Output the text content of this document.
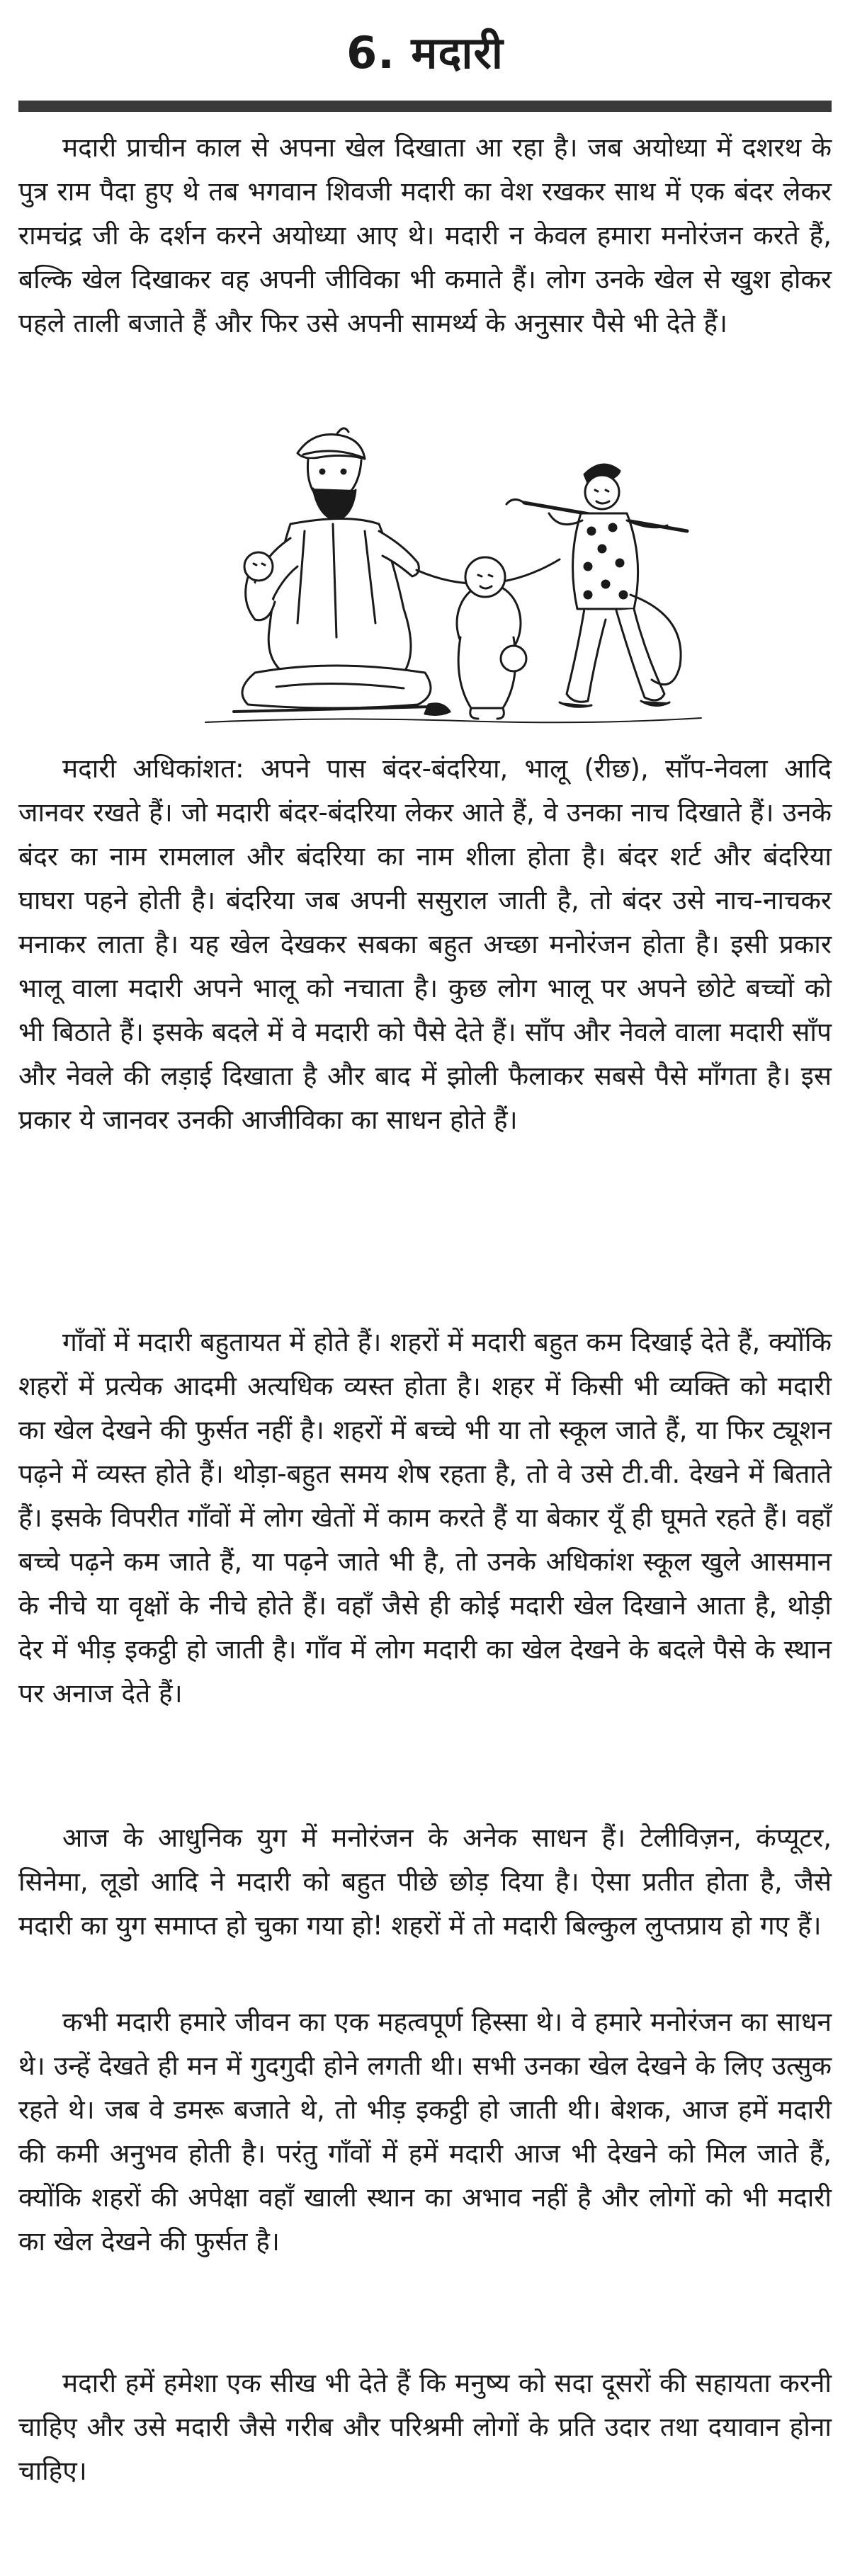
6. मदारी

मदारी प्राचीन काल से अपना खेल दिखाता आ रहा है। जब अयोध्या में दशरथ के पुत्र राम पैदा हुए थे तब भगवान शिवजी मदारी का वेश रखकर साथ में एक बंदर लेकर रामचंद्र जी के दर्शन करने अयोध्या आए थे। मदारी न केवल हमारा मनोरंजन करते हैं, बल्कि खेल दिखाकर वह अपनी जीविका भी कमाते हैं। लोग उनके खेल से खुश होकर पहले ताली बजाते हैं और फिर उसे अपनी सामर्थ्य के अनुसार पैसे भी देते हैं।

मदारी अधिकांशत: अपने पास बंदर-बंदरिया, भालू (रीछ), साँप-नेवला आदि जानवर रखते हैं। जो मदारी बंदर-बंदरिया लेकर आते हैं, वे उनका नाच दिखाते हैं। उनके बंदर का नाम रामलाल और बंदरिया का नाम शीला होता है। बंदर शर्ट और बंदरिया घाघरा पहने होती है। बंदरिया जब अपनी ससुराल जाती है, तो बंदर उसे नाच-नाचकर मनाकर लाता है। यह खेल देखकर सबका बहुत अच्छा मनोरंजन होता है। इसी प्रकार भालू वाला मदारी अपने भालू को नचाता है। कुछ लोग भालू पर अपने छोटे बच्चों को भी बिठाते हैं। इसके बदले में वे मदारी को पैसे देते हैं। साँप और नेवले वाला मदारी साँप और नेवले की लड़ाई दिखाता है और बाद में झोली फैलाकर सबसे पैसे माँगता है। इस प्रकार ये जानवर उनकी आजीविका का साधन होते हैं।

गाँवों में मदारी बहुतायत में होते हैं। शहरों में मदारी बहुत कम दिखाई देते हैं, क्योंकि शहरों में प्रत्येक आदमी अत्यधिक व्यस्त होता है। शहर में किसी भी व्यक्ति को मदारी का खेल देखने की फुर्सत नहीं है। शहरों में बच्चे भी या तो स्कूल जाते हैं, या फिर ट्यूशन पढ़ने में व्यस्त होते हैं। थोड़ा-बहुत समय शेष रहता है, तो वे उसे टी.वी. देखने में बिताते हैं। इसके विपरीत गाँवों में लोग खेतों में काम करते हैं या बेकार यूँ ही घूमते रहते हैं। वहाँ बच्चे पढ़ने कम जाते हैं, या पढ़ने जाते भी है, तो उनके अधिकांश स्कूल खुले आसमान के नीचे या वृक्षों के नीचे होते हैं। वहाँ जैसे ही कोई मदारी खेल दिखाने आता है, थोड़ी देर में भीड़ इकट्ठी हो जाती है। गाँव में लोग मदारी का खेल देखने के बदले पैसे के स्थान पर अनाज देते हैं।

आज के आधुनिक युग में मनोरंजन के अनेक साधन हैं। टेलीविज़न, कंप्यूटर, सिनेमा, लूडो आदि ने मदारी को बहुत पीछे छोड़ दिया है। ऐसा प्रतीत होता है, जैसे मदारी का युग समाप्त हो चुका गया हो! शहरों में तो मदारी बिल्कुल लुप्तप्राय हो गए हैं।

कभी मदारी हमारे जीवन का एक महत्वपूर्ण हिस्सा थे। वे हमारे मनोरंजन का साधन थे। उन्हें देखते ही मन में गुदगुदी होने लगती थी। सभी उनका खेल देखने के लिए उत्सुक रहते थे। जब वे डमरू बजाते थे, तो भीड़ इकट्ठी हो जाती थी। बेशक, आज हमें मदारी की कमी अनुभव होती है। परंतु गाँवों में हमें मदारी आज भी देखने को मिल जाते हैं, क्योंकि शहरों की अपेक्षा वहाँ खाली स्थान का अभाव नहीं है और लोगों को भी मदारी का खेल देखने की फुर्सत है।

मदारी हमें हमेशा एक सीख भी देते हैं कि मनुष्य को सदा दूसरों की सहायता करनी चाहिए और उसे मदारी जैसे गरीब और परिश्रमी लोगों के प्रति उदार तथा दयावान होना चाहिए।
